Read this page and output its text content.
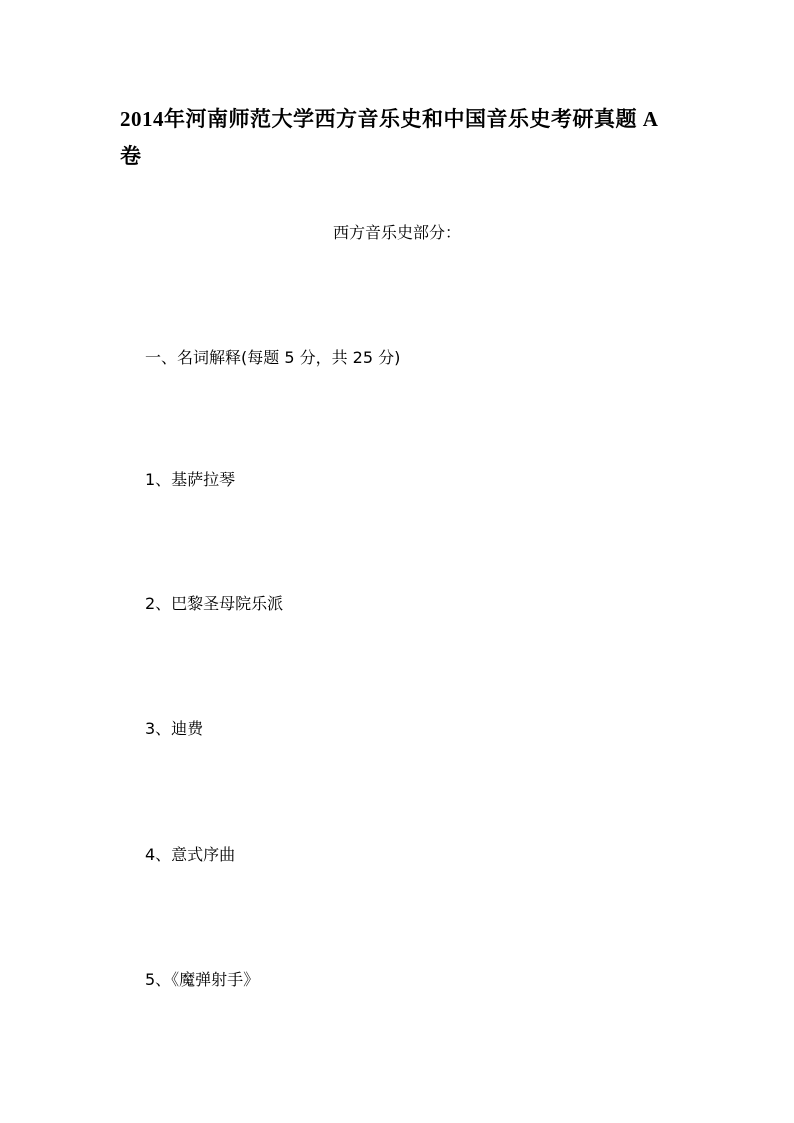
2014年河南师范大学西方音乐史和中国音乐史考研真题 A
卷
西方音乐史部分：
一、名词解释(每题 5 分，共 25 分)
1、基萨拉琴
2、巴黎圣母院乐派
3、迪费
4、意式序曲
5、《魔弹射手》
